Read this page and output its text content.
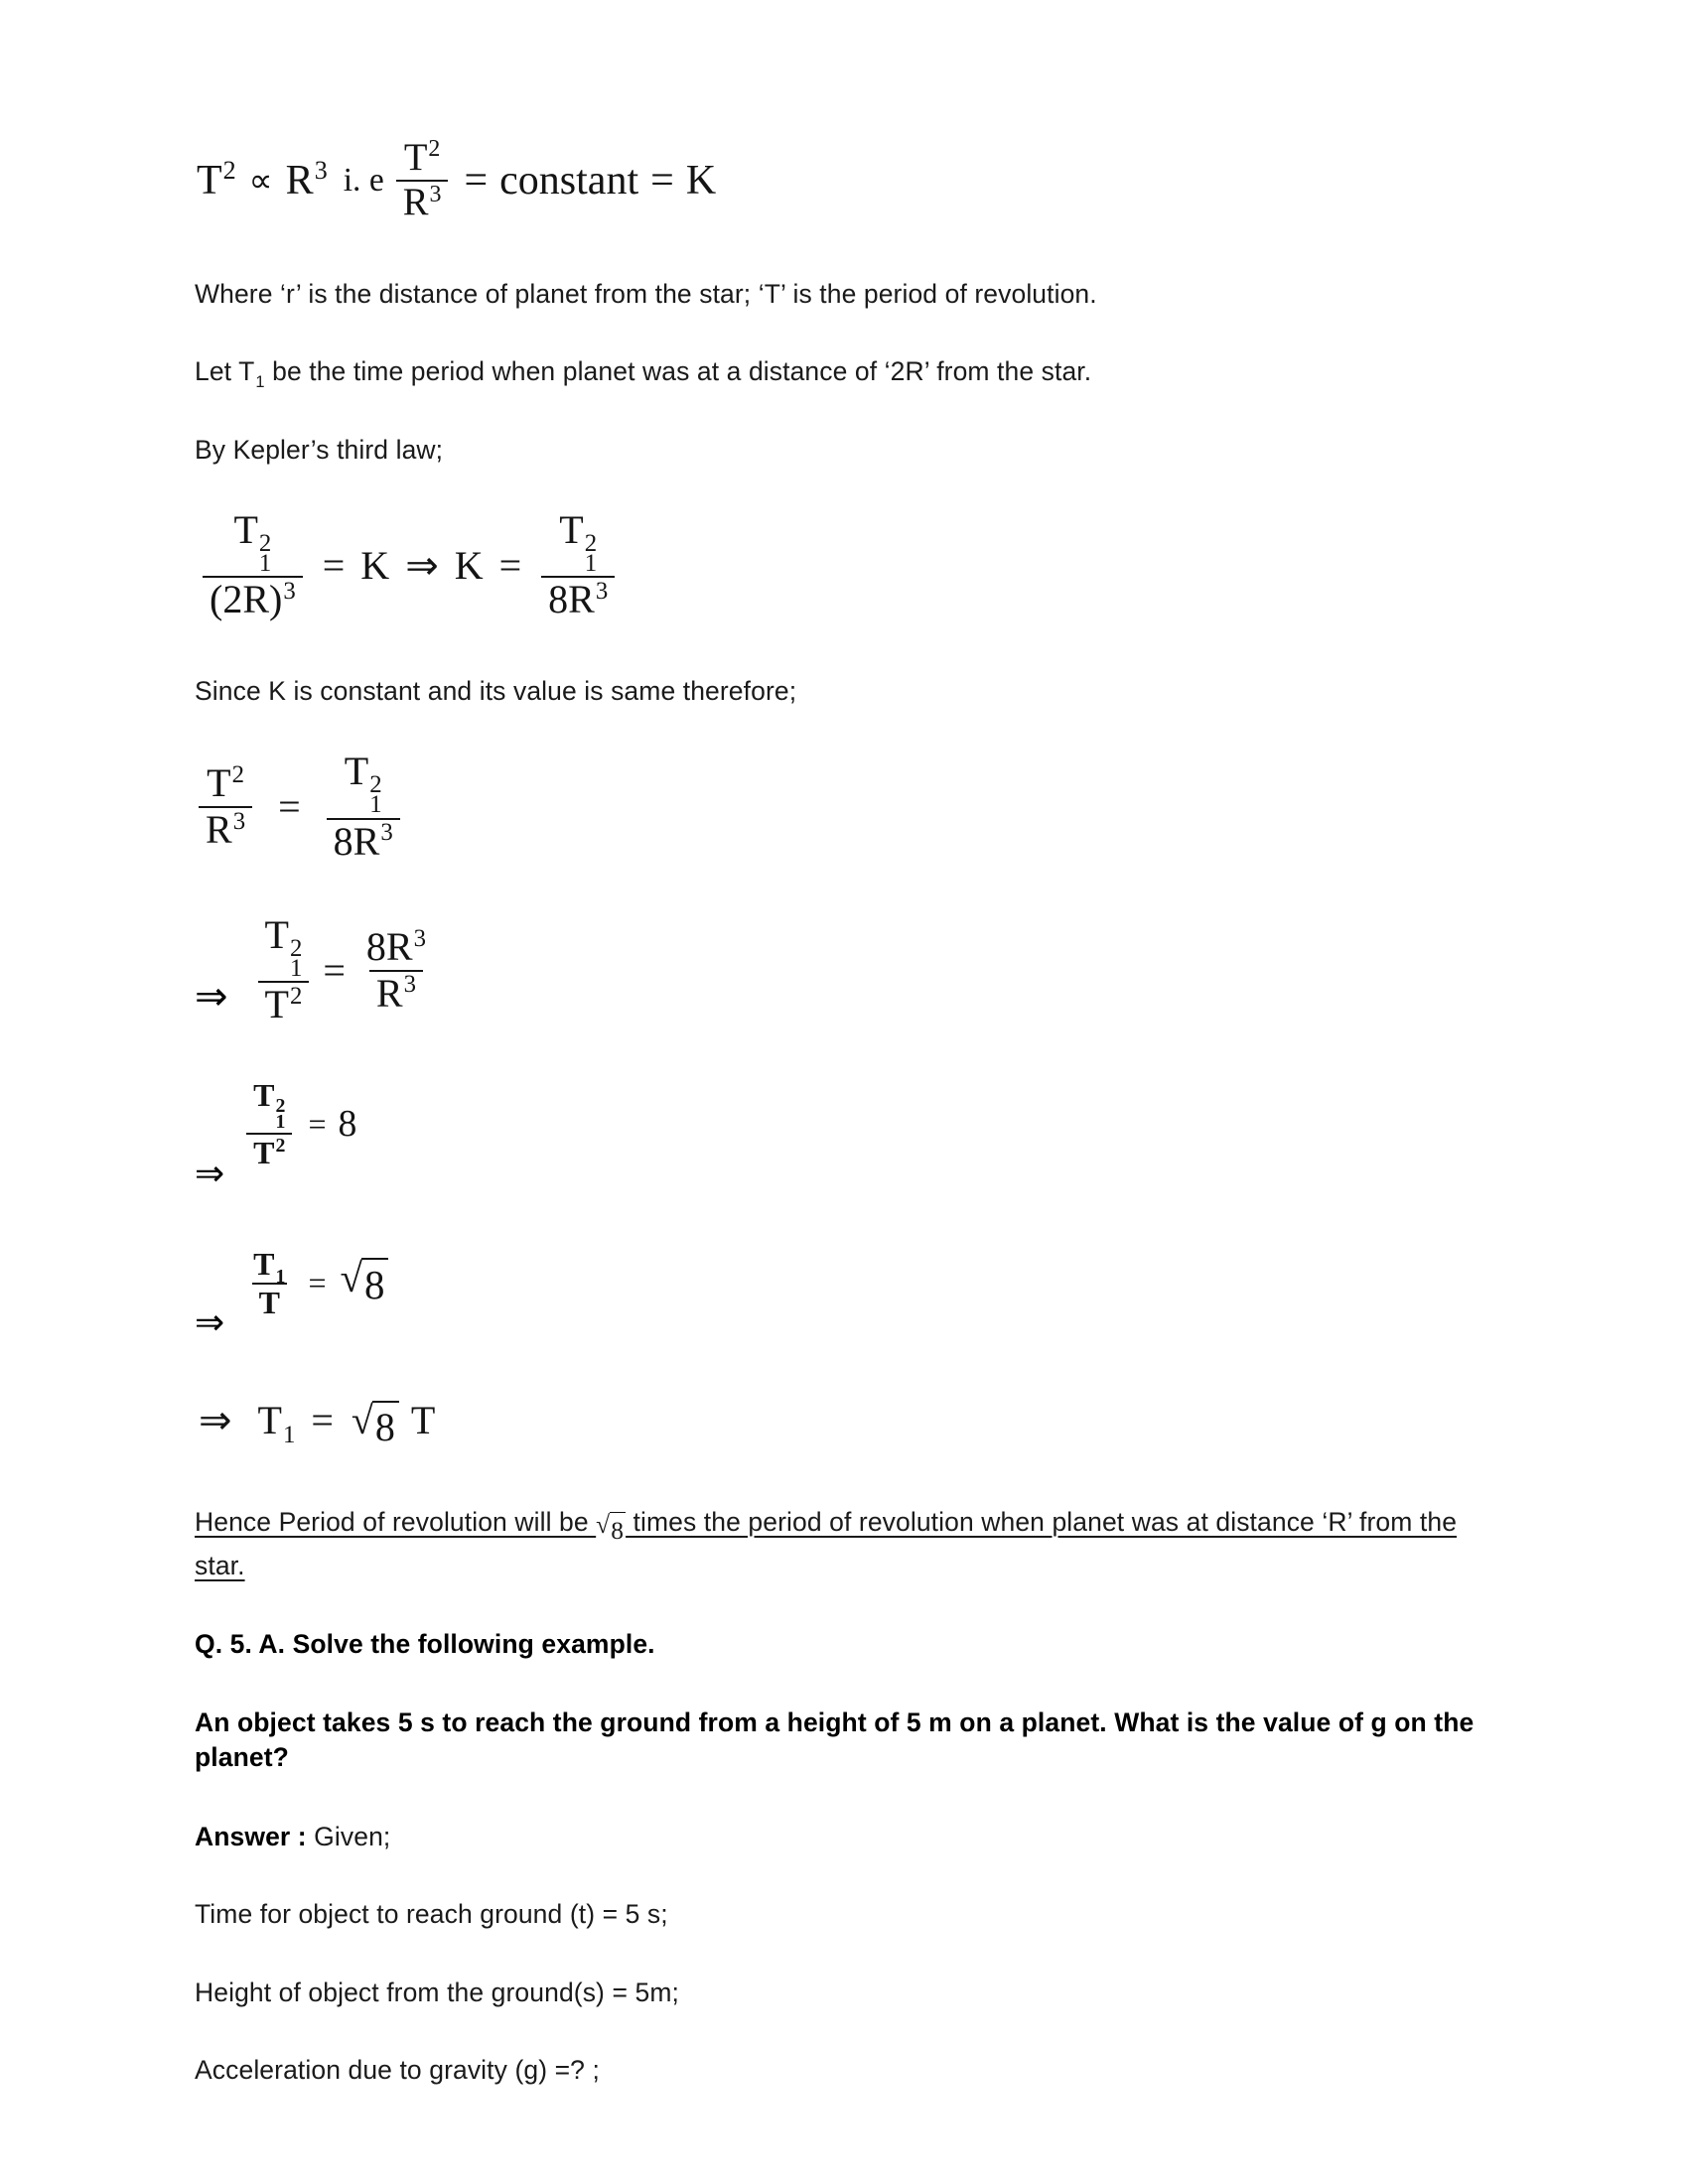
$T^2 \propto R^3$ i. e $\frac{T^2}{R^3}$ = constant = K

Where ‘r’ is the distance of planet from the star; ‘T’ is the period of revolution.

Let $T_1$ be the time period when planet was at a distance of ‘2R’ from the star.

By Kepler’s third law;

T 2
1
$(2R)^3 = K$ ⇒ K = T 2
1
$8R^3$

Since K is constant and its value is same therefore;

$\frac{T^2}{R^3} = T$ 2
1
$8R^3$
⇒ T 2
1
$T^2 = \frac{8R^3}{R^3}$
⇒
T 2
1
$T^2 = 8$
⇒
$\frac{T_1}{T}$ = √ 8
⇒ $T_1$ = √ 8 T

Hence Period of revolution will be √ 8 times the period of revolution when planet was at distance ‘R’ from the star.

Q. 5. A. Solve the following example.

An object takes 5 s to reach the ground from a height of 5 m on a planet. What is the value of g on the planet?

Answer : Given;

Time for object to reach ground (t) = 5 s;

Height of object from the ground(s) = 5m;

Acceleration due to gravity (g) =? ;
